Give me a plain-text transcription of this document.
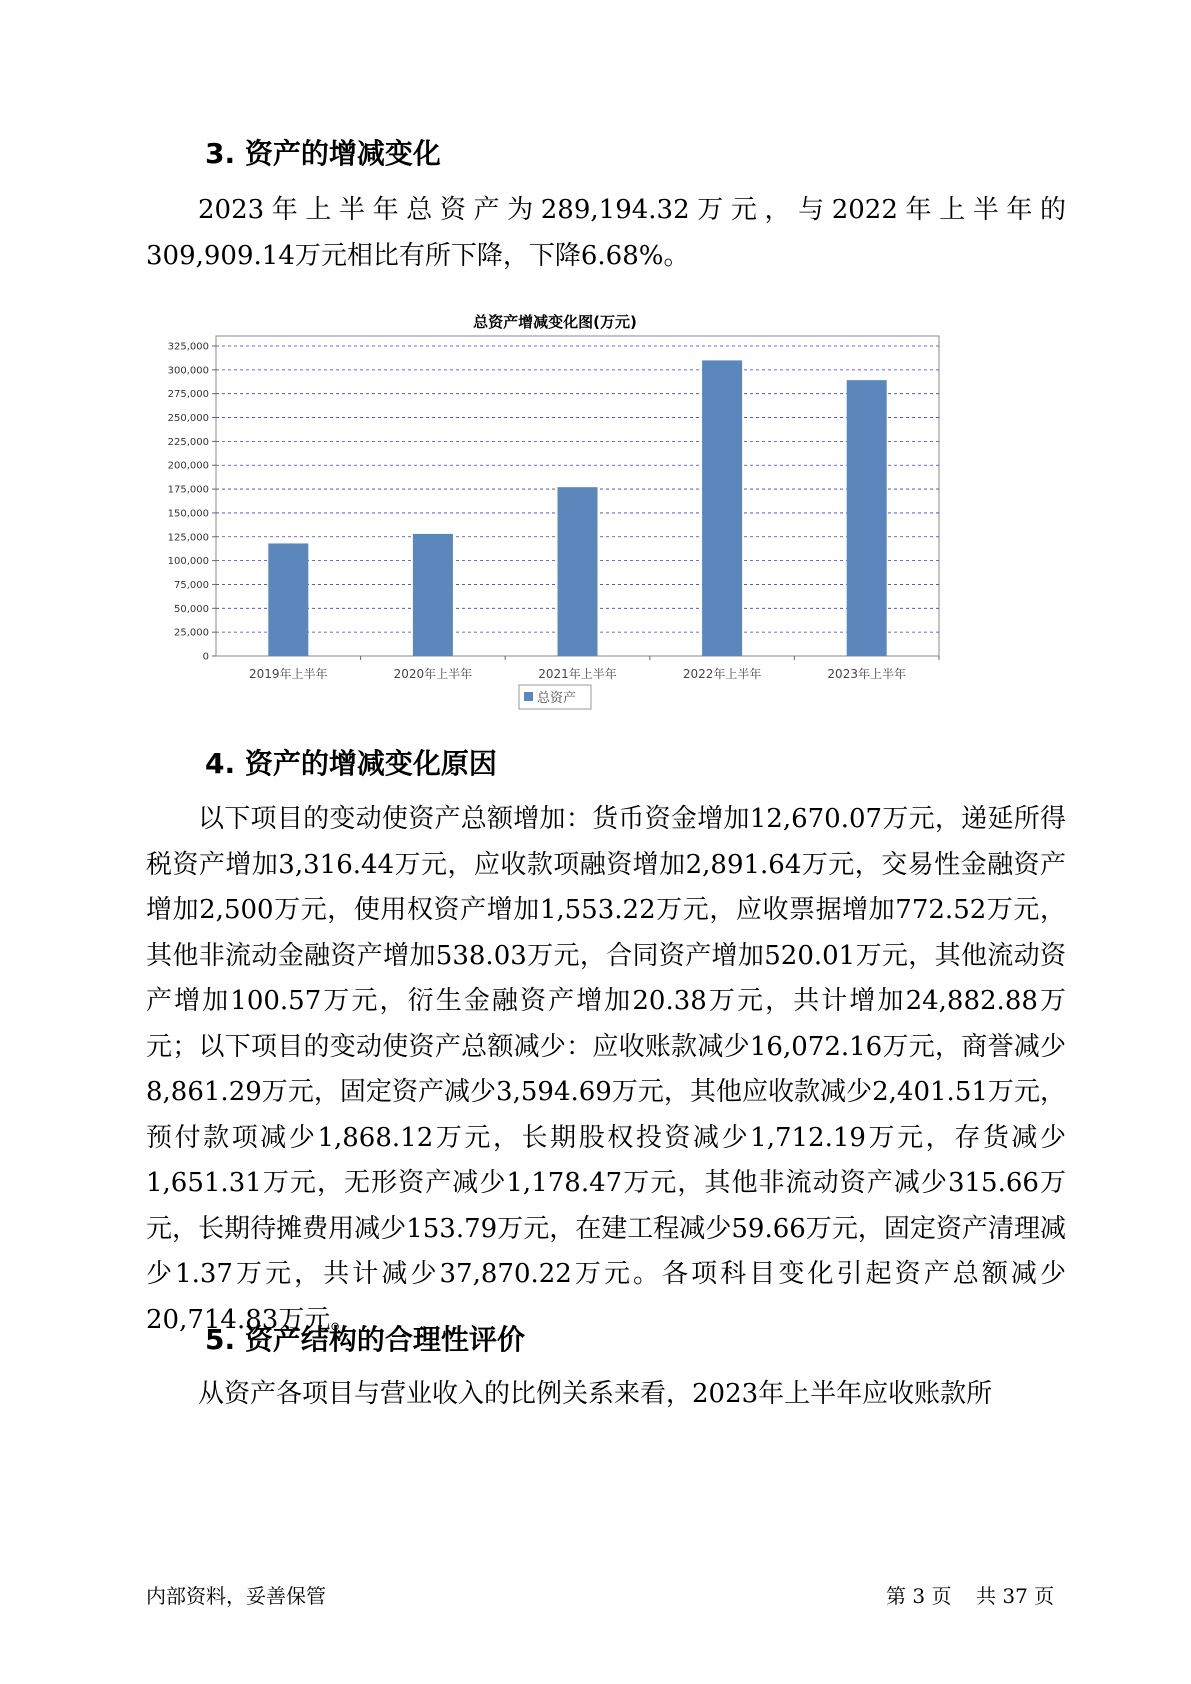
3. 资产的增减变化

2023年上半年总资产为289,194.32万元，与2022年上半年的309,909.14万元相比有所下降，下降6.68%。

总资产增减变化图(万元)
0
25,000
50,000
75,000
100,000
125,000
150,000
175,000
200,000
225,000
250,000
275,000
300,000
325,000
2019年上半年	2020年上半年	2021年上半年	2022年上半年	2023年上半年
总资产
4. 资产的增减变化原因

以下项目的变动使资产总额增加：货币资金增加12,670.07万元，递延所得税资产增加3,316.44万元，应收款项融资增加2,891.64万元，交易性金融资产增加2,500万元，使用权资产增加1,553.22万元，应收票据增加772.52万元，其他非流动金融资产增加538.03万元，合同资产增加520.01万元，其他流动资产增加100.57万元，衍生金融资产增加20.38万元，共计增加24,882.88万元；以下项目的变动使资产总额减少：应收账款减少16,072.16万元，商誉减少8,861.29万元，固定资产减少3,594.69万元，其他应收款减少2,401.51万元，预付款项减少1,868.12万元，长期股权投资减少1,712.19万元，存货减少1,651.31万元，无形资产减少1,178.47万元，其他非流动资产减少315.66万元，长期待摊费用减少153.79万元，在建工程减少59.66万元，固定资产清理减少1.37万元，共计减少37,870.22万元。各项科目变化引起资产总额减少20,714.83万元。

5. 资产结构的合理性评价

从资产各项目与营业收入的比例关系来看，2023年上半年应收账款所

内部资料，妥善保管	第 3 页 共 37 页
